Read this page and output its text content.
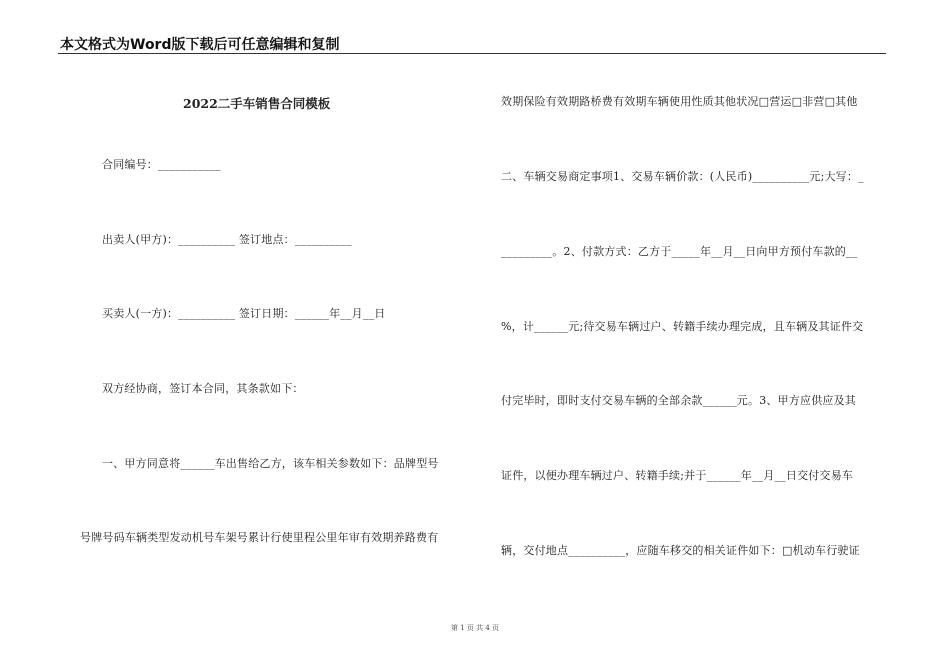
本文格式为Word版下载后可任意编辑和复制
2022二手车销售合同模板
合同编号：___________
出卖人(甲方)：__________ 签订地点：__________
买卖人(一方)：__________ 签订日期：______年__月__日
双方经协商，签订本合同，其条款如下：
一、甲方同意将______车出售给乙方，该车相关参数如下：品牌型号
号牌号码车辆类型发动机号车架号累计行使里程公里年审有效期养路费有
效期保险有效期路桥费有效期车辆使用性质其他状况□营运□非营□其他
二、车辆交易商定事项1、交易车辆价款：(人民币)__________元;大写：_
_________。2、付款方式：乙方于_____年__月__日向甲方预付车款的__
%，计______元;待交易车辆过户、转籍手续办理完成，且车辆及其证件交
付完毕时，即时支付交易车辆的全部余款______元。3、甲方应供应及其
证件，以便办理车辆过户、转籍手续;并于______年__月__日交付交易车
辆，交付地点__________，应随车移交的相关证件如下：□机动车行驶证
第 1 页 共 4 页
